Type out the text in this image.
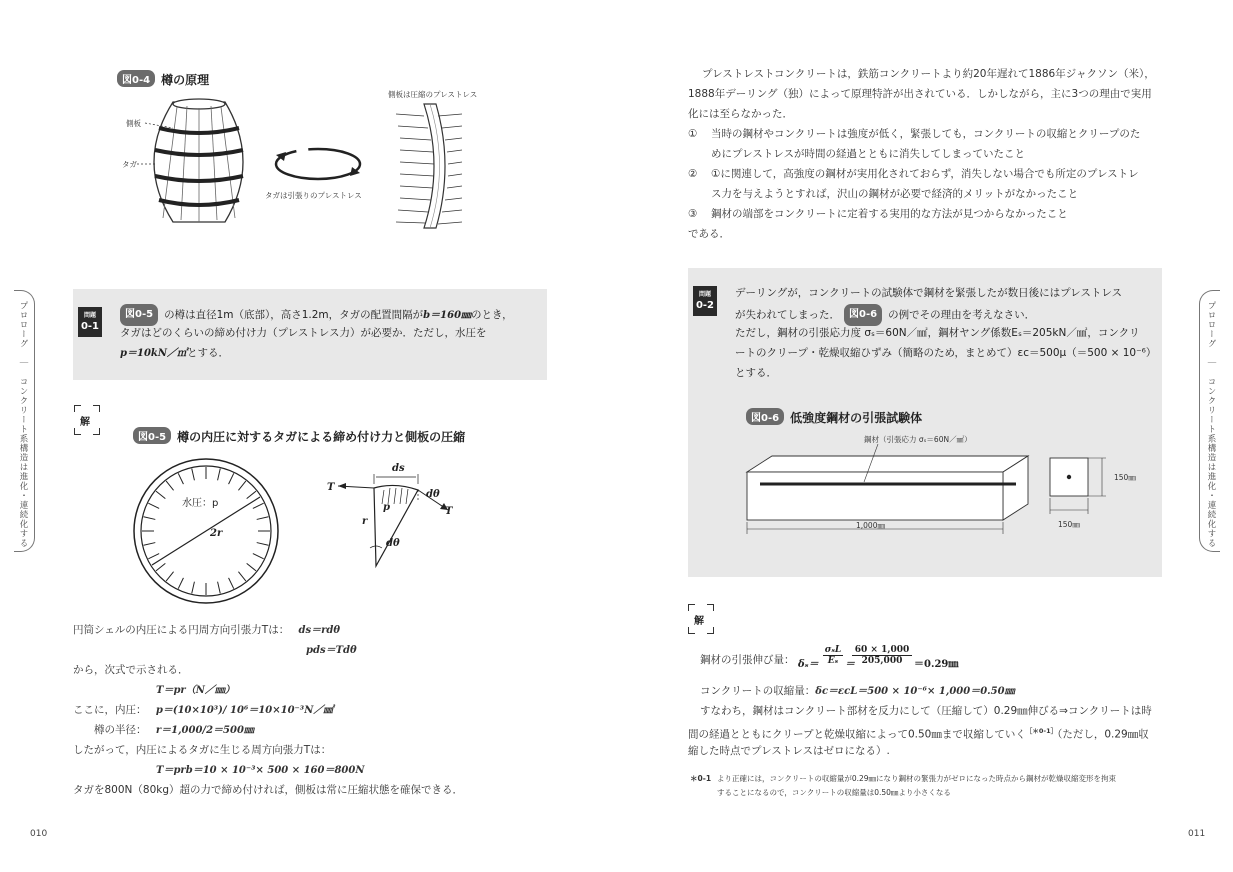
図0-4 樽の原理
側板
タガ
タガは引張りのプレストレス
側板は圧縮のプレストレス
問題
0-1
図0-5 の樽は直径1m（底部），高さ1.2m，タガの配置間隔がb＝160㎜のとき，
タガはどのくらいの締め付け力（プレストレス力）が必要か．ただし，水圧を
p＝10kN／㎡とする．
解
図0-5 樽の内圧に対するタガによる締め付け力と側板の圧縮
水圧：p
2r
T
ds
dθ
T
p
r
dθ
円筒シェルの内圧による円周方向引張力Tは： ds＝rdθ
pds＝Tdθ
から，次式で示される．
T＝pr（N／㎜）
ここに，内圧： p＝(10×10³)/ 10⁶＝10×10⁻³N／㎟
樽の半径： r＝1,000/2＝500㎜
したがって，内圧によるタガに生じる周方向張力Tは：
T＝prb＝10 × 10⁻³× 500 × 160＝800N
タガを800N（80kg）超の力で締め付ければ，側板は常に圧縮状態を確保できる．
プロローグ　｜　コンクリート系構造は進化・連続化する
010
プレストレストコンクリートは，鉄筋コンクリートより約20年遅れて1886年ジャクソン（米），
1888年デーリング（独）によって原理特許が出されている．しかしながら，主に3つの理由で実用
化には至らなかった．
① 当時の鋼材やコンクリートは強度が低く，緊張しても，コンクリートの収縮とクリープのた
めにプレストレスが時間の経過とともに消失してしまっていたこと
② ①に関連して，高強度の鋼材が実用化されておらず，消失しない場合でも所定のプレストレ
ス力を与えようとすれば，沢山の鋼材が必要で経済的メリットがなかったこと
③ 鋼材の端部をコンクリートに定着する実用的な方法が見つからなかったこと
である．
問題
0-2
デーリングが，コンクリートの試験体で鋼材を緊張したが数日後にはプレストレス
が失われてしまった． 図0-6 の例でその理由を考えなさい．
ただし，鋼材の引張応力度 σₛ＝60N／㎟，鋼材ヤング係数Eₛ＝205kN／㎟，コンクリ
ートのクリープ・乾燥収縮ひずみ（簡略のため，まとめて）εc＝500μ（＝500 × 10⁻⁶）
とする．
図0-6 低強度鋼材の引張試験体
鋼材（引張応力 σₛ＝60N／㎟）
1,000㎜
150㎜
150㎜
解
鋼材の引張伸び量： δₛ＝
σₛL
Eₛ ＝
$\frac{60 \times 1,000}{205,000}$ ＝0.29㎜
コンクリートの収縮量：δc＝εcL＝500 × 10⁻⁶× 1,000＝0.50㎜
すなわち，鋼材はコンクリート部材を反力にして（圧縮して）0.29㎜伸びる⇒コンクリートは時
間の経過とともにクリープと乾燥収縮によって0.50㎜まで収縮していく$^{[*0-1]}$（ただし，0.29㎜収
縮した時点でプレストレスはゼロになる）.
＊0-1 より正確には，コンクリートの収縮量が0.29㎜になり鋼材の緊張力がゼロになった時点から鋼材が乾燥収縮変形を拘束
することになるので，コンクリートの収縮量は0.50㎜より小さくなる
プロローグ　｜　コンクリート系構造は進化・連続化する
011
